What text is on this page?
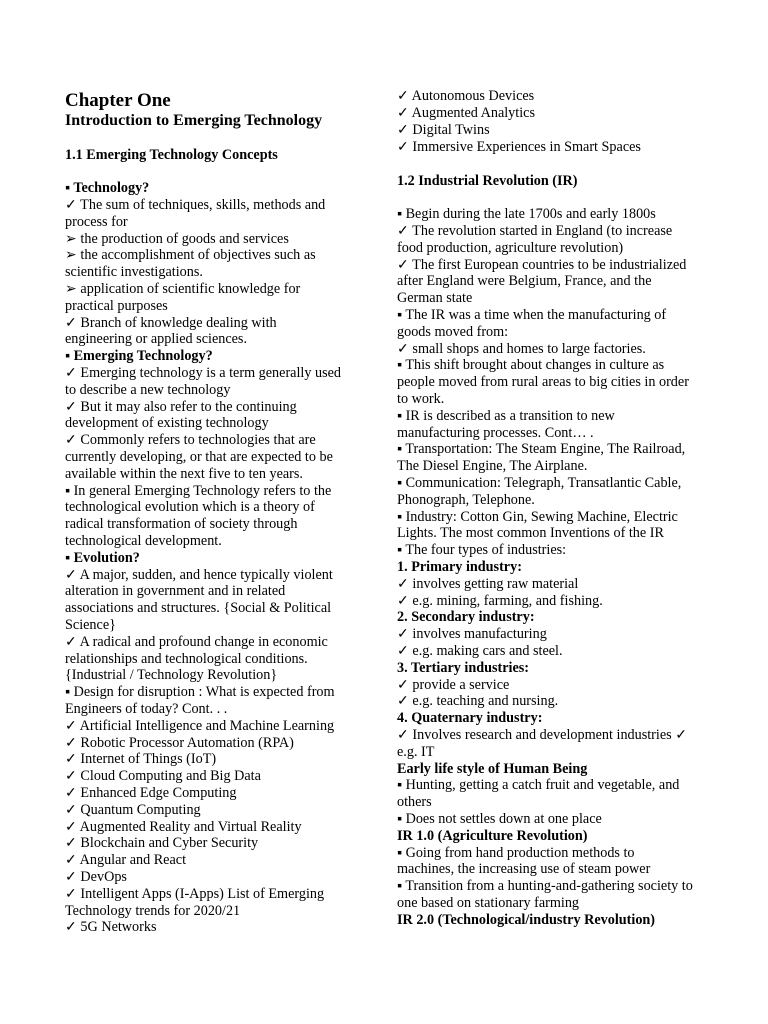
Chapter One
Introduction to Emerging Technology
1.1 Emerging Technology Concepts
▪ Technology?
✓ The sum of techniques, skills, methods and
process for
➢ the production of goods and services
➢ the accomplishment of objectives such as
scientific investigations.
➢ application of scientific knowledge for
practical purposes
✓ Branch of knowledge dealing with
engineering or applied sciences.
▪ Emerging Technology?
✓ Emerging technology is a term generally used
to describe a new technology
✓ But it may also refer to the continuing
development of existing technology
✓ Commonly refers to technologies that are
currently developing, or that are expected to be
available within the next five to ten years.
▪ In general Emerging Technology refers to the
technological evolution which is a theory of
radical transformation of society through
technological development.
▪ Evolution?
✓ A major, sudden, and hence typically violent
alteration in government and in related
associations and structures. {Social & Political
Science}
✓ A radical and profound change in economic
relationships and technological conditions.
{Industrial / Technology Revolution}
▪ Design for disruption : What is expected from
Engineers of today? Cont. . .
✓ Artificial Intelligence and Machine Learning
✓ Robotic Processor Automation (RPA)
✓ Internet of Things (IoT)
✓ Cloud Computing and Big Data
✓ Enhanced Edge Computing
✓ Quantum Computing
✓ Augmented Reality and Virtual Reality
✓ Blockchain and Cyber Security
✓ Angular and React
✓ DevOps
✓ Intelligent Apps (I-Apps) List of Emerging
Technology trends for 2020/21
✓ 5G Networks
✓ Autonomous Devices
✓ Augmented Analytics
✓ Digital Twins
✓ Immersive Experiences in Smart Spaces
1.2 Industrial Revolution (IR)
▪ Begin during the late 1700s and early 1800s
✓ The revolution started in England (to increase
food production, agriculture revolution)
✓ The first European countries to be industrialized
after England were Belgium, France, and the
German state
▪ The IR was a time when the manufacturing of
goods moved from:
✓ small shops and homes to large factories.
▪ This shift brought about changes in culture as
people moved from rural areas to big cities in order
to work.
▪ IR is described as a transition to new
manufacturing processes. Cont… .
▪ Transportation: The Steam Engine, The Railroad,
The Diesel Engine, The Airplane.
▪ Communication: Telegraph, Transatlantic Cable,
Phonograph, Telephone.
▪ Industry: Cotton Gin, Sewing Machine, Electric
Lights. The most common Inventions of the IR
▪ The four types of industries:
1. Primary industry:
✓ involves getting raw material
✓ e.g. mining, farming, and fishing.
2. Secondary industry:
✓ involves manufacturing
✓ e.g. making cars and steel.
3. Tertiary industries:
✓ provide a service
✓ e.g. teaching and nursing.
4. Quaternary industry:
✓ Involves research and development industries ✓
e.g. IT
Early life style of Human Being
▪ Hunting, getting a catch fruit and vegetable, and
others
▪ Does not settles down at one place
IR 1.0 (Agriculture Revolution)
▪ Going from hand production methods to
machines, the increasing use of steam power
▪ Transition from a hunting-and-gathering society to
one based on stationary farming
IR 2.0 (Technological/industry Revolution)
